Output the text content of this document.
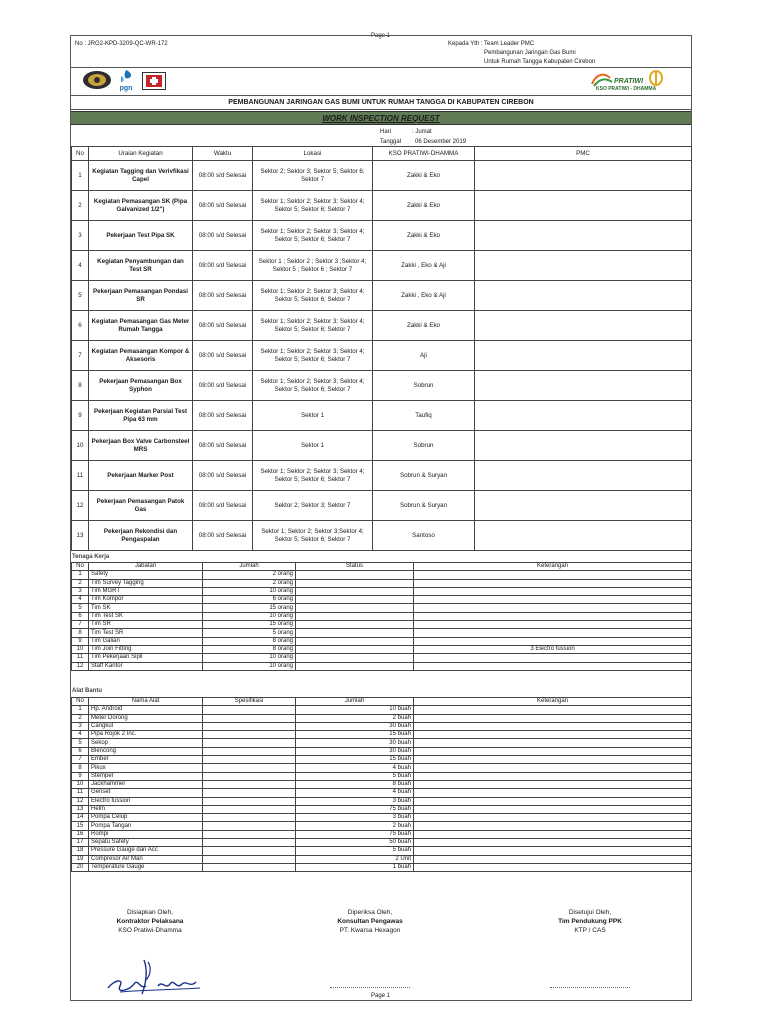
Page 1
No : JRG2-KPD-3209-QC-WR-172	Kepada Yth : Team Leader PMC
Pembangunan Jaringan Gas Bumi
Untuk Rumah Tangga Kabupaten Cirebon
pgn
PRATIWI
KSO PRATIWI - DHAMMA
PEMBANGUNAN JARINGAN GAS BUMI UNTUK RUMAH TANGGA DI KABUPATEN CIREBON
WORK INSPECTION REQUEST
Hari	: Jumat
Tanggal 06 Desember 2019
No	Uraian Kegiatan	Waktu	Lokasi	KSO PRATIWI-DHAMMA	PMC
1	Kegiatan Tagging dan Verivfikasi Capel	08:00 s/d Selesai	Sektor 2; Sektor 3; Sektor 5; Sektor 6; Sektor 7	Zakki & Eko	
2	Kegiatan Pemasangan SK (Pipa Galvanized 1/2")	08:00 s/d Selesai	Sektor 1; Sektor 2; Sektor 3; Sektor 4; Sektor 5; Sektor 6; Sektor 7	Zakki & Eko	
3	Pekerjaan Test Pipa SK	08:00 s/d Selesai	Sektor 1; Sektor 2; Sektor 3; Sektor 4; Sektor 5; Sektor 6; Sektor 7	Zakki & Eko	
4	Kegiatan Penyambungan dan Test SR	08:00 s/d Selesai	Sektor 1 ; Sektor 2 ; Sektor 3 ;Sektor 4; Sektor 5 ; Sektor 6 ; Sektor 7	Zakki , Eko & Aji	
5	Pekerjaan Pemasangan Pondasi SR	08:00 s/d Selesai	Sektor 1; Sektor 2; Sektor 3; Sektor 4; Sektor 5; Sektor 6; Sektor 7	Zakki , Eko & Aji	
6	Kegiatan Pemasangan Gas Meter Rumah Tangga	08:00 s/d Selesai	Sektor 1; Sektor 2; Sektor 3; Sektor 4; Sektor 5; Sektor 6; Sektor 7	Zakki & Eko	
7	Kegiatan Pemasangan Kompor & Aksesoris	08:00 s/d Selesai	Sektor 1; Sektor 2; Sektor 3; Sektor 4; Sektor 5; Sektor 6; Sektor 7	Aji	
8	Pekerjaan Pemasangan Box Syphon	08:00 s/d Selesai	Sektor 1; Sektor 2; Sektor 3; Sektor 4; Sektor 5; Sektor 6; Sektor 7	Sobrun	
9	Pekerjaan Kegiatan Parsial Test Pipa 63 mm	08:00 s/d Selesai	Sektor 1	Taufiq	
10	Pekerjaan Box Valve Carbonsteel MRS	08:00 s/d Selesai	Sektor 1	Sobrun	
11	Pekerjaan Marker Post	08:00 s/d Selesai	Sektor 1; Sektor 2; Sektor 3; Sektor 4; Sektor 5; Sektor 6; Sektor 7	Sobrun & Suryan	
12	Pekerjaan Pemasangan Patok Gas	08:00 s/d Selesai	Sektor 2; Sektor 3; Sektor 7	Sobrun & Suryan	
13	Pekerjaan Rekondisi dan Pengaspalan	08:00 s/d Selesai	Sektor 1; Sektor 2; Sektor 3;Sektor 4; Sektor 5; Sektor 6; Sektor 7	Santoso	
Tenaga Kerja
No	Jabatan	Jumlah	Status	Keterangan
1	Safety	2 orang		
2	Tim Survey Tagging	2 orang		
3	Tim MGRT	10 orang		
4	Tim Kompor	6 orang		
5	Tim SK	15 orang		
6	Tim Test SK	10 orang		
7	Tim SR	15 orang		
8	Tim Test SR	5 orang		
9	Tim Galian	8 orang		
10	Tim Join Fitting	8 orang		3 Electro fussion
11	Tim Pekerjaan Sipil	10 orang		
12	Staff Kantor	10 orang		
Alat Bantu
No	Nama Alat	Spesifikasi	Jumlah	Keterangan
1	Hp. Android		10 buah	
2	Meter Dorong		2 buah	
3	Cangkul		30 buah	
4	Pipa Rojok 2 Inc.		15 buah	
5	Sekop		30 buah	
6	Blencong		30 buah	
7	Ember		15 buah	
8	Pikux		4 buah	
9	Stemper		5 buah	
10	Jackhammer		8 buah	
11	Genset		4 buah	
12	Electro fussion		3 buah	
13	Helm		75 buah	
14	Pompa Celup		3 buah	
15	Pompa Tangan		2 buah	
16	Rompi		75 buah	
17	Sepatu Safety		50 buah	
18	Pressure Gauge dan Acc		5 buah	
19	Compresor Air Man		2 Unit	
20	Temperature Gauge		1 buah	
Disiapkan Oleh,
Kontraktor Pelaksana
KSO Pratiwi-Dhamma
Diperiksa Oleh,
Konsultan Pengawas
PT. Kwarsa Hexagon
Disetujui Oleh,
Tim Pendukung PPK
KTP / CAS
Page 1
